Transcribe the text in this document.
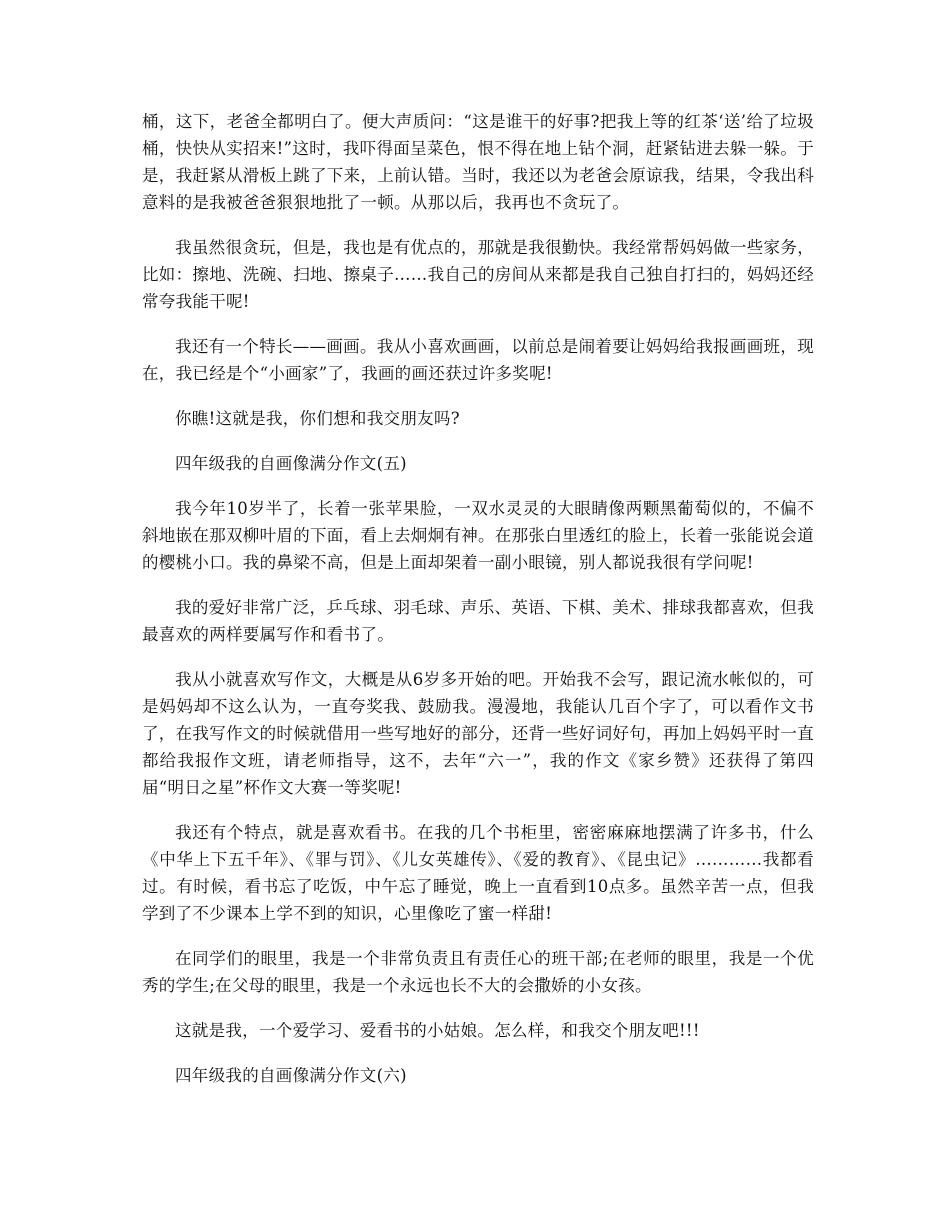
桶，这下，老爸全都明白了。便大声质问：“这是谁干的好事?把我上等的红茶‘送’给了垃圾桶，快快从实招来!”这时，我吓得面呈菜色，恨不得在地上钻个洞，赶紧钻进去躲一躲。于是，我赶紧从滑板上跳了下来，上前认错。当时，我还以为老爸会原谅我，结果，令我出科意料的是我被爸爸狠狠地批了一顿。从那以后，我再也不贪玩了。

我虽然很贪玩，但是，我也是有优点的，那就是我很勤快。我经常帮妈妈做一些家务，比如：擦地、洗碗、扫地、擦桌子……我自己的房间从来都是我自己独自打扫的，妈妈还经常夸我能干呢!

我还有一个特长——画画。我从小喜欢画画，以前总是闹着要让妈妈给我报画画班，现在，我已经是个“小画家”了，我画的画还获过许多奖呢!

你瞧!这就是我，你们想和我交朋友吗?

四年级我的自画像满分作文(五)

我今年10岁半了，长着一张苹果脸，一双水灵灵的大眼睛像两颗黑葡萄似的，不偏不斜地嵌在那双柳叶眉的下面，看上去炯炯有神。在那张白里透红的脸上，长着一张能说会道的樱桃小口。我的鼻梁不高，但是上面却架着一副小眼镜，别人都说我很有学问呢!

我的爱好非常广泛，乒乓球、羽毛球、声乐、英语、下棋、美术、排球我都喜欢，但我最喜欢的两样要属写作和看书了。

我从小就喜欢写作文，大概是从6岁多开始的吧。开始我不会写，跟记流水帐似的，可是妈妈却不这么认为，一直夸奖我、鼓励我。漫漫地，我能认几百个字了，可以看作文书了，在我写作文的时候就借用一些写地好的部分，还背一些好词好句，再加上妈妈平时一直都给我报作文班，请老师指导，这不，去年“六一”，我的作文《家乡赞》还获得了第四届“明日之星”杯作文大赛一等奖呢!

我还有个特点，就是喜欢看书。在我的几个书柜里，密密麻麻地摆满了许多书，什么《中华上下五千年》、《罪与罚》、《儿女英雄传》、《爱的教育》、《昆虫记》…………我都看过。有时候，看书忘了吃饭，中午忘了睡觉，晚上一直看到10点多。虽然辛苦一点，但我学到了不少课本上学不到的知识，心里像吃了蜜一样甜!

在同学们的眼里，我是一个非常负责且有责任心的班干部;在老师的眼里，我是一个优秀的学生;在父母的眼里，我是一个永远也长不大的会撒娇的小女孩。

这就是我，一个爱学习、爱看书的小姑娘。怎么样，和我交个朋友吧!!!

四年级我的自画像满分作文(六)
